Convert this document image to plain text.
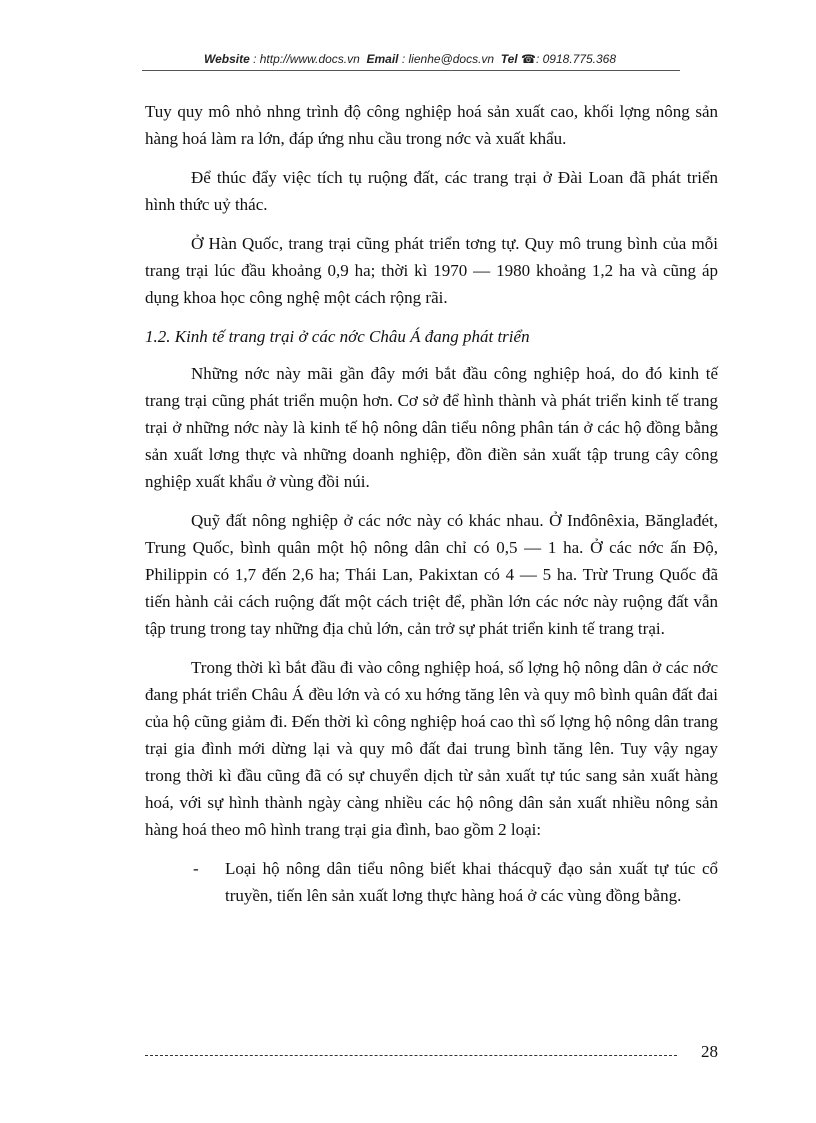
Website : http://www.docs.vn Email : lienhe@docs.vn Tel ☎: 0918.775.368

Tuy quy mô nhỏ nhng trình độ công nghiệp hoá sản xuất cao, khối lợng nông sản hàng hoá làm ra lớn, đáp ứng nhu cầu trong nớc và xuất khẩu.

Để thúc đẩy việc tích tụ ruộng đất, các trang trại ở Đài Loan đã phát triển hình thức uỷ thác.

Ở Hàn Quốc, trang trại cũng phát triển tơng tự. Quy mô trung bình của mỗi trang trại lúc đầu khoảng 0,9 ha; thời kì 1970 — 1980 khoảng 1,2 ha và cũng áp dụng khoa học công nghệ một cách rộng rãi.

1.2. Kinh tế trang trại ở các nớc Châu Á đang phát triển

Những nớc này mãi gần đây mới bắt đầu công nghiệp hoá, do đó kinh tế trang trại cũng phát triển muộn hơn. Cơ sở để hình thành và phát triển kinh tế trang trại ở những nớc này là kinh tế hộ nông dân tiểu nông phân tán ở các hộ đồng bằng sản xuất lơng thực và những doanh nghiệp, đồn điền sản xuất tập trung cây công nghiệp xuất khẩu ở vùng đồi núi.

Quỹ đất nông nghiệp ở các nớc này có khác nhau. Ở Inđônêxia, Bănglađét, Trung Quốc, bình quân một hộ nông dân chỉ có 0,5 — 1 ha. Ở các nớc ấn Độ, Philippin có 1,7 đến 2,6 ha; Thái Lan, Pakixtan có 4 — 5 ha. Trừ Trung Quốc đã tiến hành cải cách ruộng đất một cách triệt để, phần lớn các nớc này ruộng đất vẫn tập trung trong tay những địa chủ lớn, cản trở sự phát triển kinh tế trang trại.

Trong thời kì bắt đầu đi vào công nghiệp hoá, số lợng hộ nông dân ở các nớc đang phát triển Châu Á đều lớn và có xu hớng tăng lên và quy mô bình quân đất đai của hộ cũng giảm đi. Đến thời kì công nghiệp hoá cao thì số lợng hộ nông dân trang trại gia đình mới dừng lại và quy mô đất đai trung bình tăng lên. Tuy vậy ngay trong thời kì đầu cũng đã có sự chuyển dịch từ sản xuất tự túc sang sản xuất hàng hoá, với sự hình thành ngày càng nhiều các hộ nông dân sản xuất nhiều nông sản hàng hoá theo mô hình trang trại gia đình, bao gồm 2 loại:

-	Loại hộ nông dân tiểu nông biết khai thácquỹ đạo sản xuất tự túc cổ truyền, tiến lên sản xuất lơng thực hàng hoá ở các vùng đồng bằng.
28
